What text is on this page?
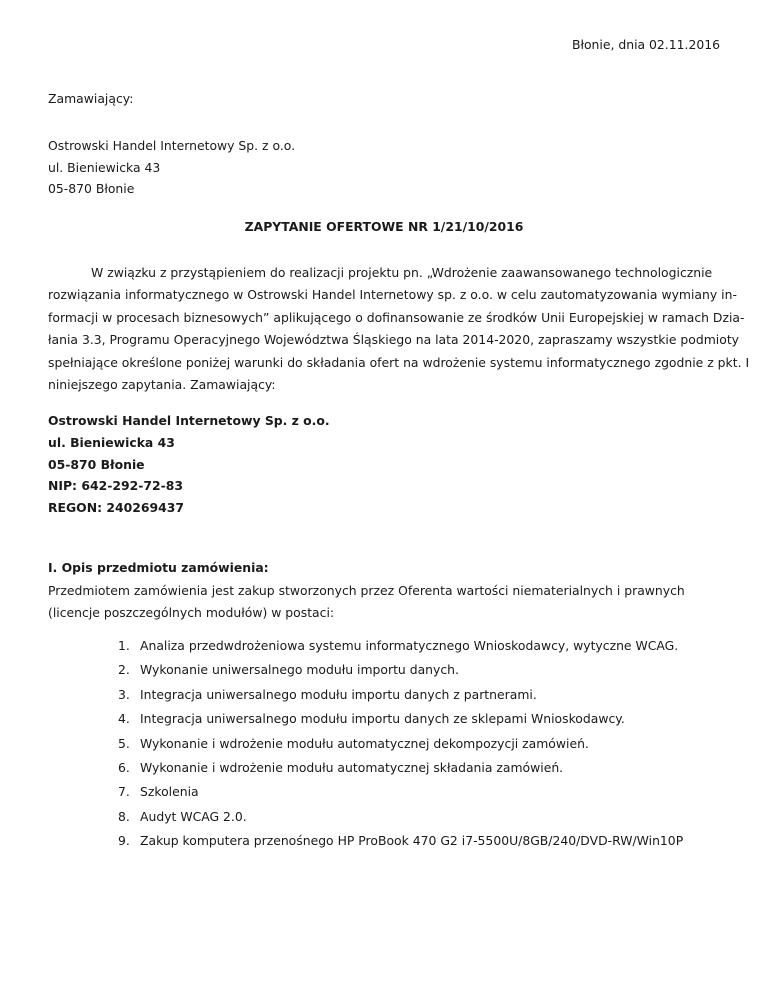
Błonie, dnia 02.11.2016
Zamawiający:
Ostrowski Handel Internetowy Sp. z o.o.
ul. Bieniewicka 43
05-870 Błonie
ZAPYTANIE OFERTOWE NR 1/21/10/2016
W związku z przystąpieniem do realizacji projektu pn. „Wdrożenie zaawansowanego technologicznie
rozwiązania informatycznego w Ostrowski Handel Internetowy sp. z o.o. w celu zautomatyzowania wymiany in-
formacji w procesach biznesowych” aplikującego o dofinansowanie ze środków Unii Europejskiej w ramach Dzia-
łania 3.3, Programu Operacyjnego Województwa Śląskiego na lata 2014-2020, zapraszamy wszystkie podmioty
spełniające określone poniżej warunki do składania ofert na wdrożenie systemu informatycznego zgodnie z pkt. I
niniejszego zapytania. Zamawiający:
Ostrowski Handel Internetowy Sp. z o.o.
ul. Bieniewicka 43
05-870 Błonie
NIP: 642-292-72-83
REGON: 240269437
I. Opis przedmiotu zamówienia:
Przedmiotem zamówienia jest zakup stworzonych przez Oferenta wartości niematerialnych i prawnych
(licencje poszczególnych modułów) w postaci:
1. Analiza przedwdrożeniowa systemu informatycznego Wnioskodawcy, wytyczne WCAG.
2. Wykonanie uniwersalnego modułu importu danych.
3. Integracja uniwersalnego modułu importu danych z partnerami.
4. Integracja uniwersalnego modułu importu danych ze sklepami Wnioskodawcy.
5. Wykonanie i wdrożenie modułu automatycznej dekompozycji zamówień.
6. Wykonanie i wdrożenie modułu automatycznej składania zamówień.
7. Szkolenia
8. Audyt WCAG 2.0.
9. Zakup komputera przenośnego HP ProBook 470 G2 i7-5500U/8GB/240/DVD-RW/Win10P
